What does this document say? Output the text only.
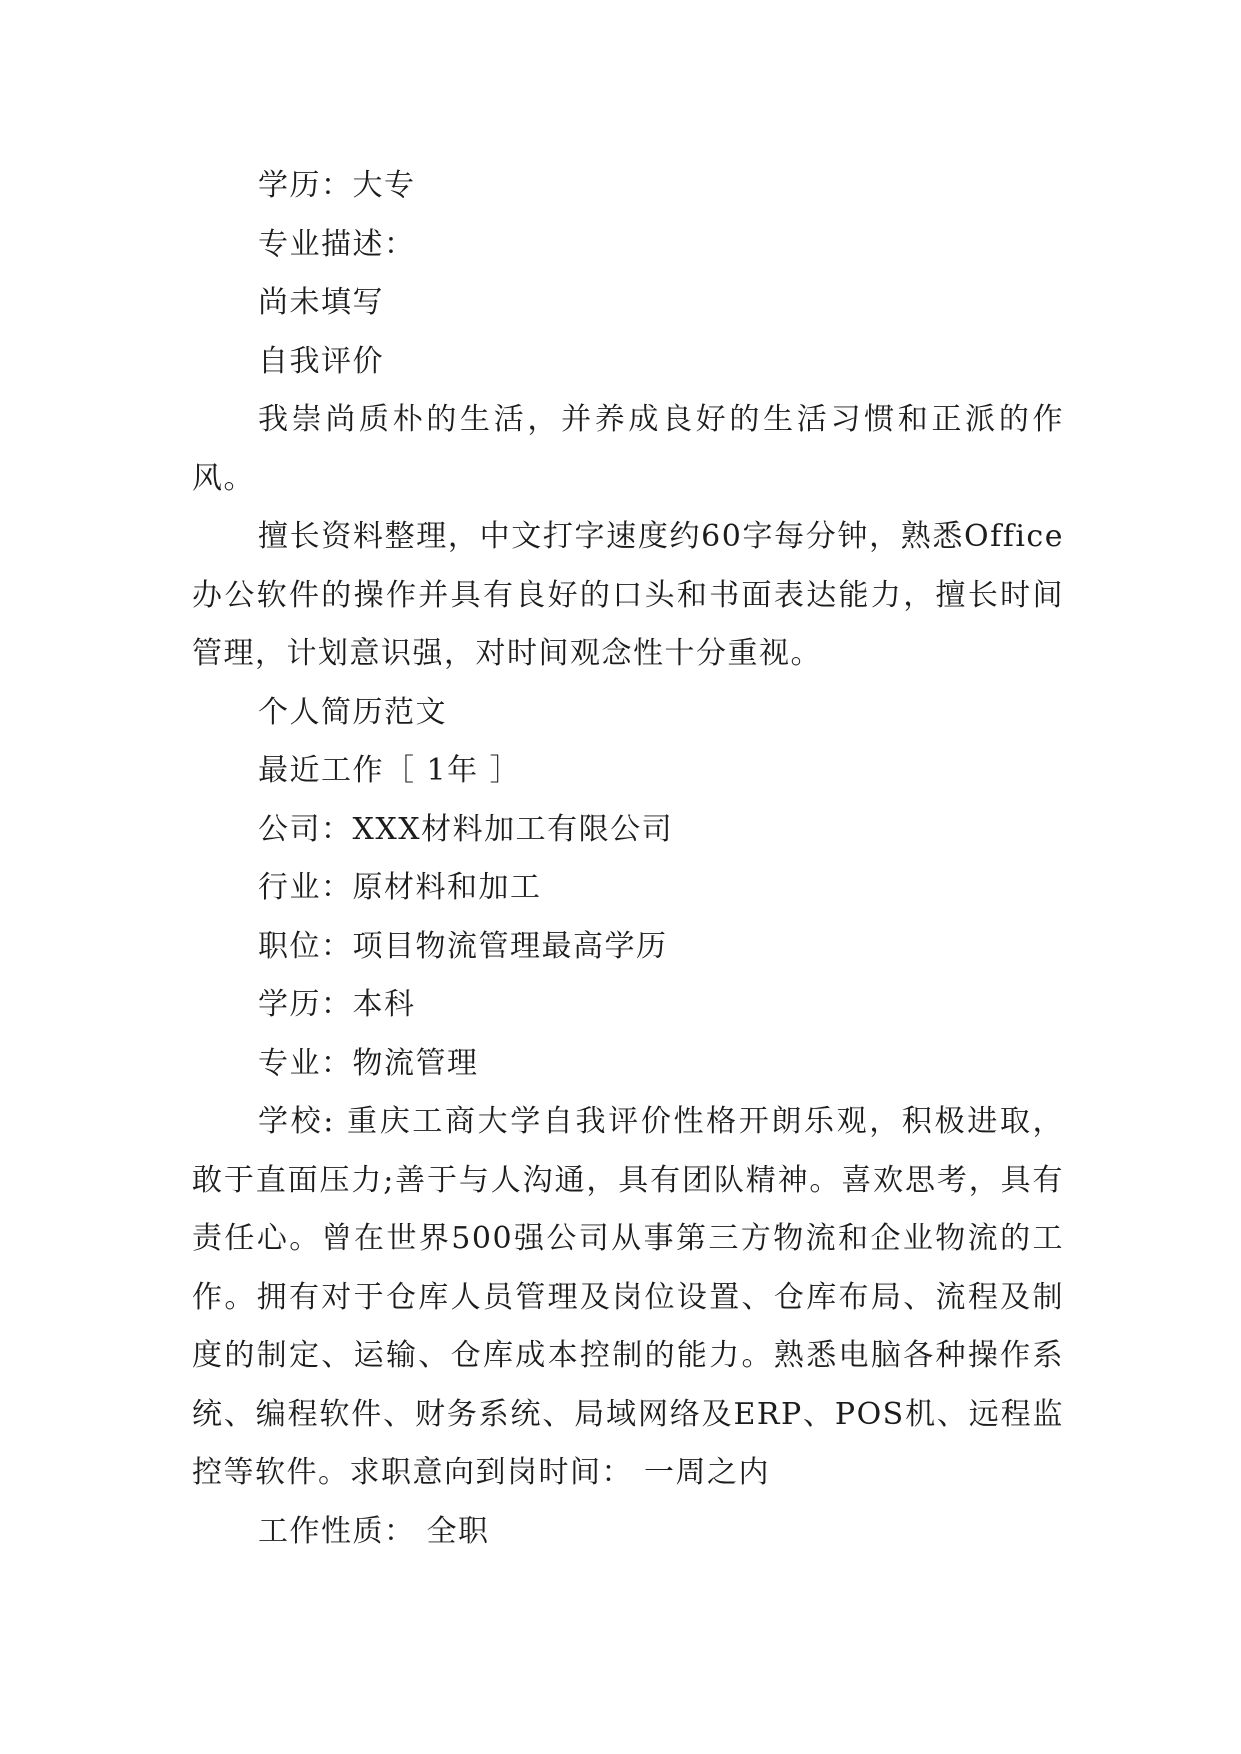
学历：大专

专业描述：

尚未填写

自我评价

我崇尚质朴的生活，并养成良好的生活习惯和正派的作风。

擅长资料整理，中文打字速度约60字每分钟，熟悉Office办公软件的操作并具有良好的口头和书面表达能力，擅长时间管理，计划意识强，对时间观念性十分重视。

个人简历范文

最近工作［ 1年 ］

公司：XXX材料加工有限公司

行业：原材料和加工

职位：项目物流管理最高学历

学历：本科

专业：物流管理

学校: 重庆工商大学自我评价性格开朗乐观，积极进取，敢于直面压力;善于与人沟通，具有团队精神。喜欢思考，具有责任心。曾在世界500强公司从事第三方物流和企业物流的工作。拥有对于仓库人员管理及岗位设置、仓库布局、流程及制度的制定、运输、仓库成本控制的能力。熟悉电脑各种操作系统、编程软件、财务系统、局域网络及ERP、POS机、远程监控等软件。求职意向到岗时间： 一周之内

工作性质： 全职
